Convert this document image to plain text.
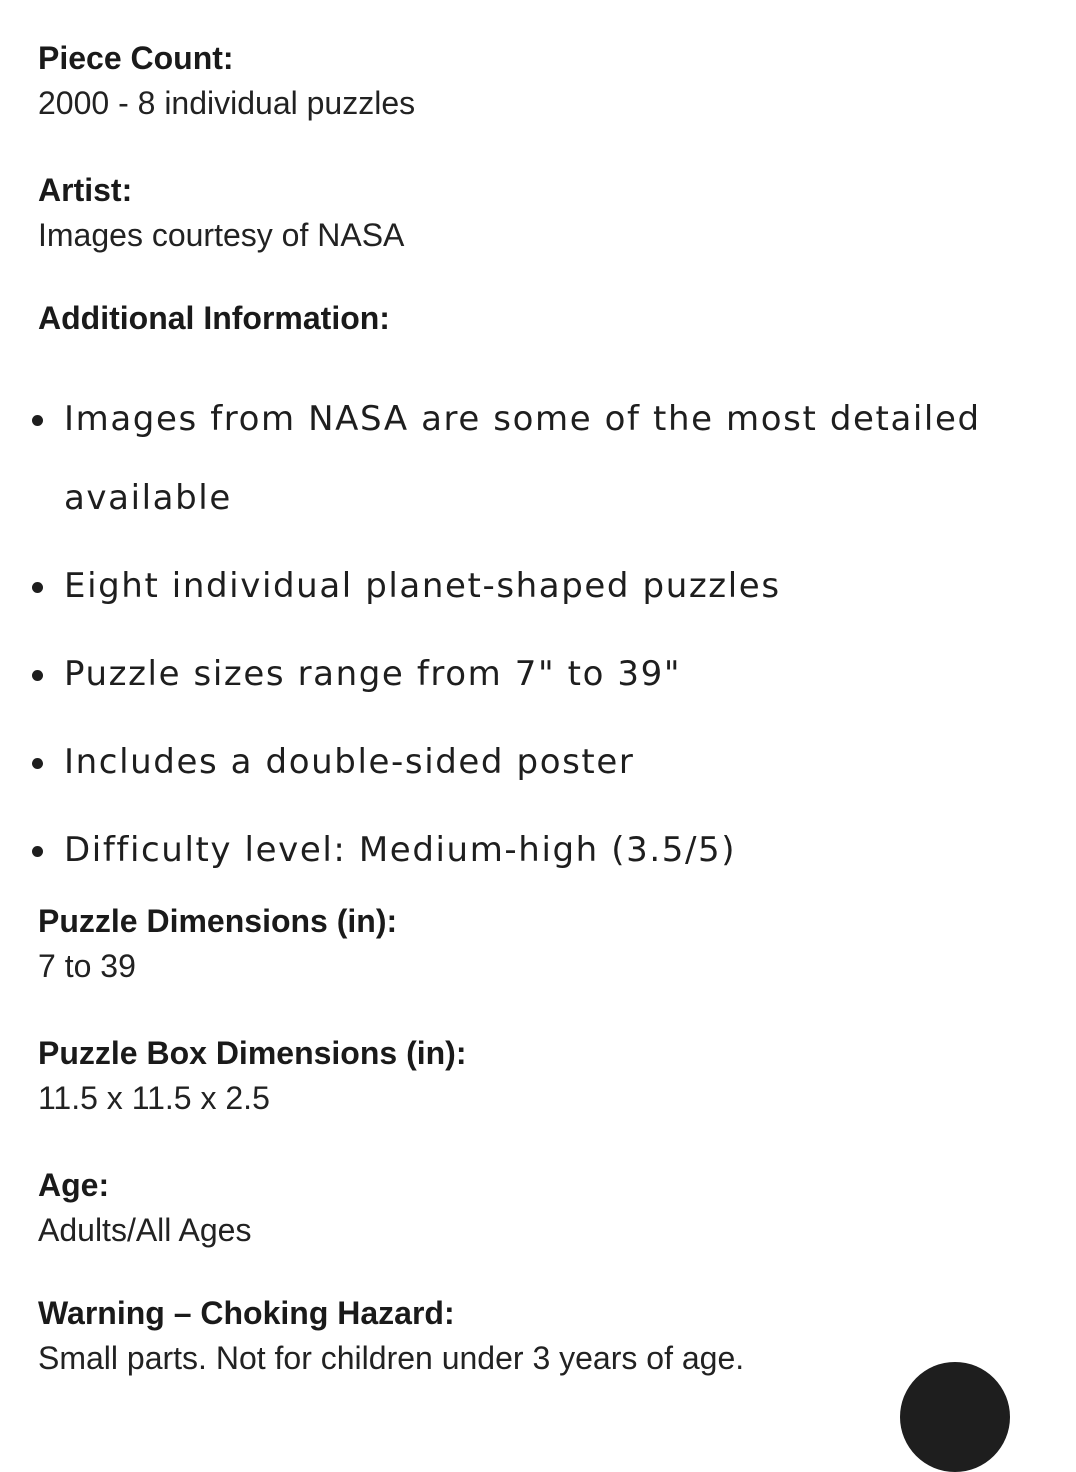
Piece Count:
2000 - 8 individual puzzles
Artist:
Images courtesy of NASA
Additional Information:
Images from NASA are some of the most detailed available
Eight individual planet-shaped puzzles
Puzzle sizes range from 7" to 39"
Includes a double-sided poster
Difficulty level: Medium-high (3.5/5)
Puzzle Dimensions (in):
7 to 39
Puzzle Box Dimensions (in):
11.5 x 11.5 x 2.5
Age:
Adults/All Ages
Warning – Choking Hazard:
Small parts. Not for children under 3 years of age.
